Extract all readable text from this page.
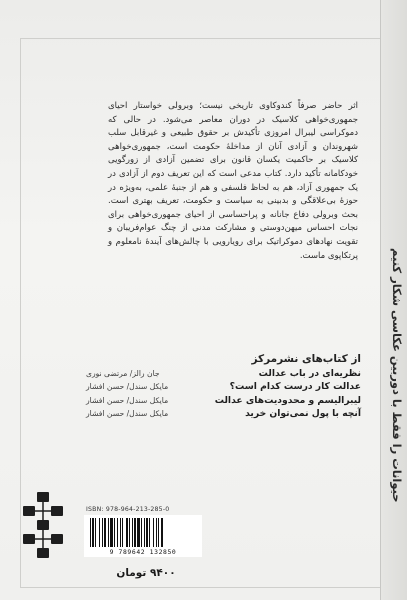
حیوانات را فقط با دوربین عکاسی شکار کنیم

اثر حاضر صرفاً کندوکاوی تاریخی نیست؛ وبرولی خواستار احیای جمهوری‌خواهی کلاسیک در دوران معاصر می‌شود. در حالی که دموکراسی لیبرال امروزی تأکیدش بر حقوق طبیعی و غیرقابل سلب شهروندان و آزادی آنان از مداخلهٔ حکومت است، جمهوری‌خواهی کلاسیک بر حاکمیت یکسان قانون برای تضمین آزادی از زورگویی خودکامانه تأکید دارد. کتاب مدعی است که این تعریف دوم از آزادی در یک جمهوری آزاد، هم به لحاظ فلسفی و هم از جنبهٔ علمی، به‌ویژه در حوزهٔ بی‌علاقگی و بدبینی به سیاست و حکومت، تعریف بهتری است. بحث وبرولی دفاع جانانه و پراحساسی از احیای جمهوری‌خواهی برای نجات احساس میهن‌دوستی و مشارکت مدنی از چنگ عوام‌فریبان و تقویت نهادهای دموکراتیک برای رویارویی با چالش‌های آیندهٔ نامعلوم و پرتکاپوی ماست.

از کتاب‌های نشرمرکز
نظریه‌ای در باب عدالت
جان رالز/ مرتضی نوری
عدالت کار درست کدام است؟
مایکل سندل/ حسن افشار
لیبرالیسم و محدودیت‌های عدالت
مایکل سندل/ حسن افشار
آنچه با پول نمی‌توان خرید
مایکل سندل/ حسن افشار
ISBN: 978-964-213-285-0
9 789642 132850
۹۴۰۰ تومان
